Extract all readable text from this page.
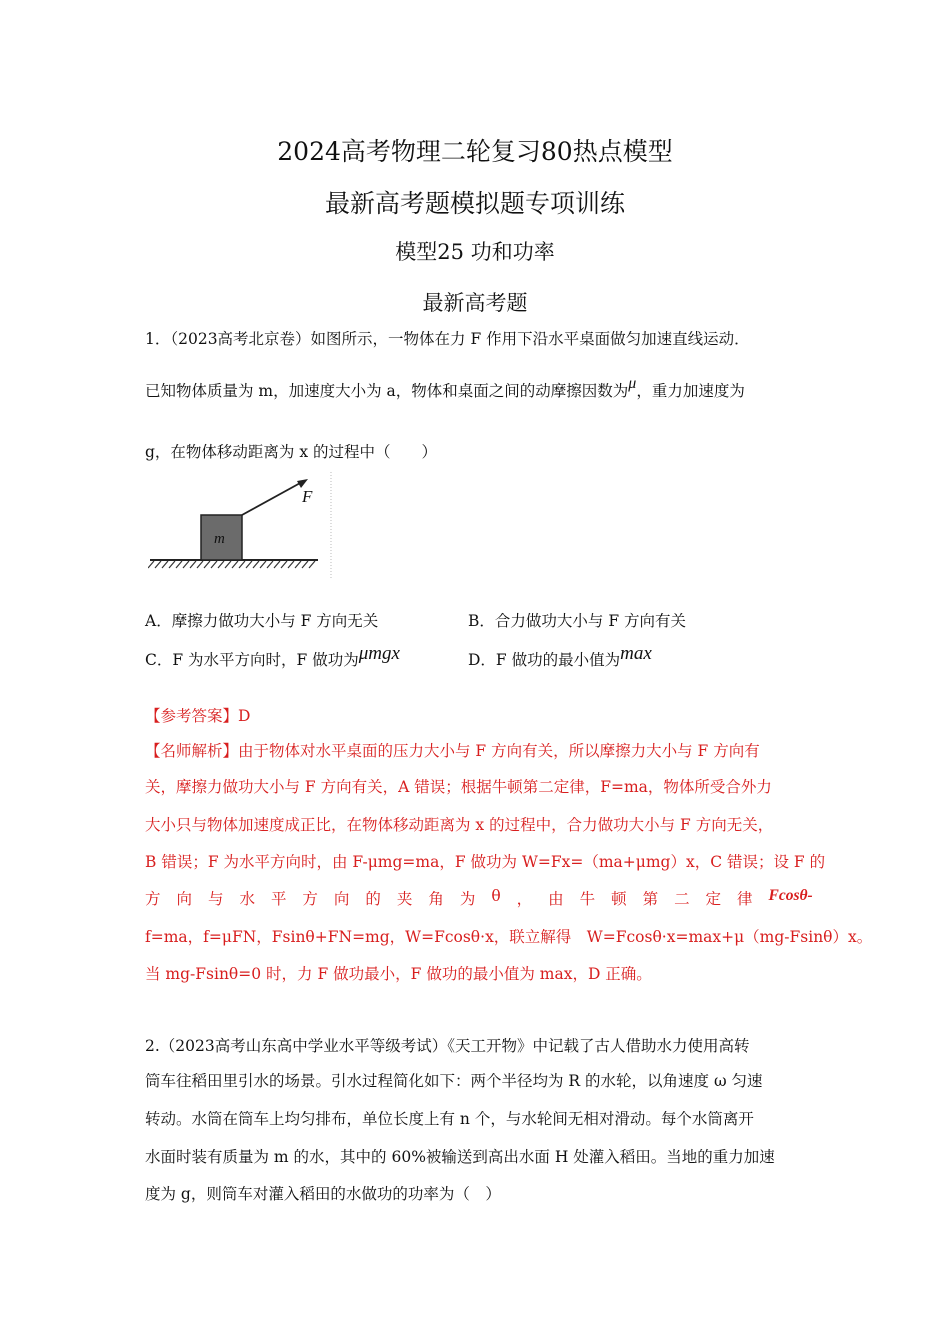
2024高考物理二轮复习80热点模型
最新高考题模拟题专项训练
模型25 功和功率
最新高考题
1．（2023高考北京卷）如图所示，一物体在力 F 作用下沿水平桌面做匀加速直线运动．
已知物体质量为 m，加速度大小为 a，物体和桌面之间的动摩擦因数为μ，重力加速度为
g，在物体移动距离为 x 的过程中（　　）
m
F
A．摩擦力做功大小与 F 方向无关	B．合力做功大小与 F 方向有关
C．F 为水平方向时，F 做功为μmgx	D．F 做功的最小值为max
【参考答案】D
【名师解析】由于物体对水平桌面的压力大小与 F 方向有关，所以摩擦力大小与 F 方向有
关，摩擦力做功大小与 F 方向有关，A 错误；根据牛顿第二定律，F=ma，物体所受合外力
大小只与物体加速度成正比，在物体移动距离为 x 的过程中，合力做功大小与 F 方向无关，
B 错误；F 为水平方向时，由 F-μmg=ma，F 做功为 W=Fx=（ma+μmg）x，C 错误；设 F 的
方 向 与 水 平 方 向 的 夹 角 为 θ ， 由 牛 顿 第 二 定 律 Fcosθ-
f=ma，f=μFN，Fsinθ+FN=mg，W=Fcosθ·x，联立解得　W=Fcosθ·x=max+μ（mg-Fsinθ）x。
当 mg-Fsinθ=0 时，力 F 做功最小，F 做功的最小值为 max，D 正确。
2.（2023高考山东高中学业水平等级考试）《天工开物》中记载了古人借助水力使用高转
筒车往稻田里引水的场景。引水过程简化如下：两个半径均为 R 的水轮，以角速度 ω 匀速
转动。水筒在筒车上均匀排布，单位长度上有 n 个，与水轮间无相对滑动。每个水筒离开
水面时装有质量为 m 的水，其中的 60%被输送到高出水面 H 处灌入稻田。当地的重力加速
度为 g，则筒车对灌入稻田的水做功的功率为（　）
